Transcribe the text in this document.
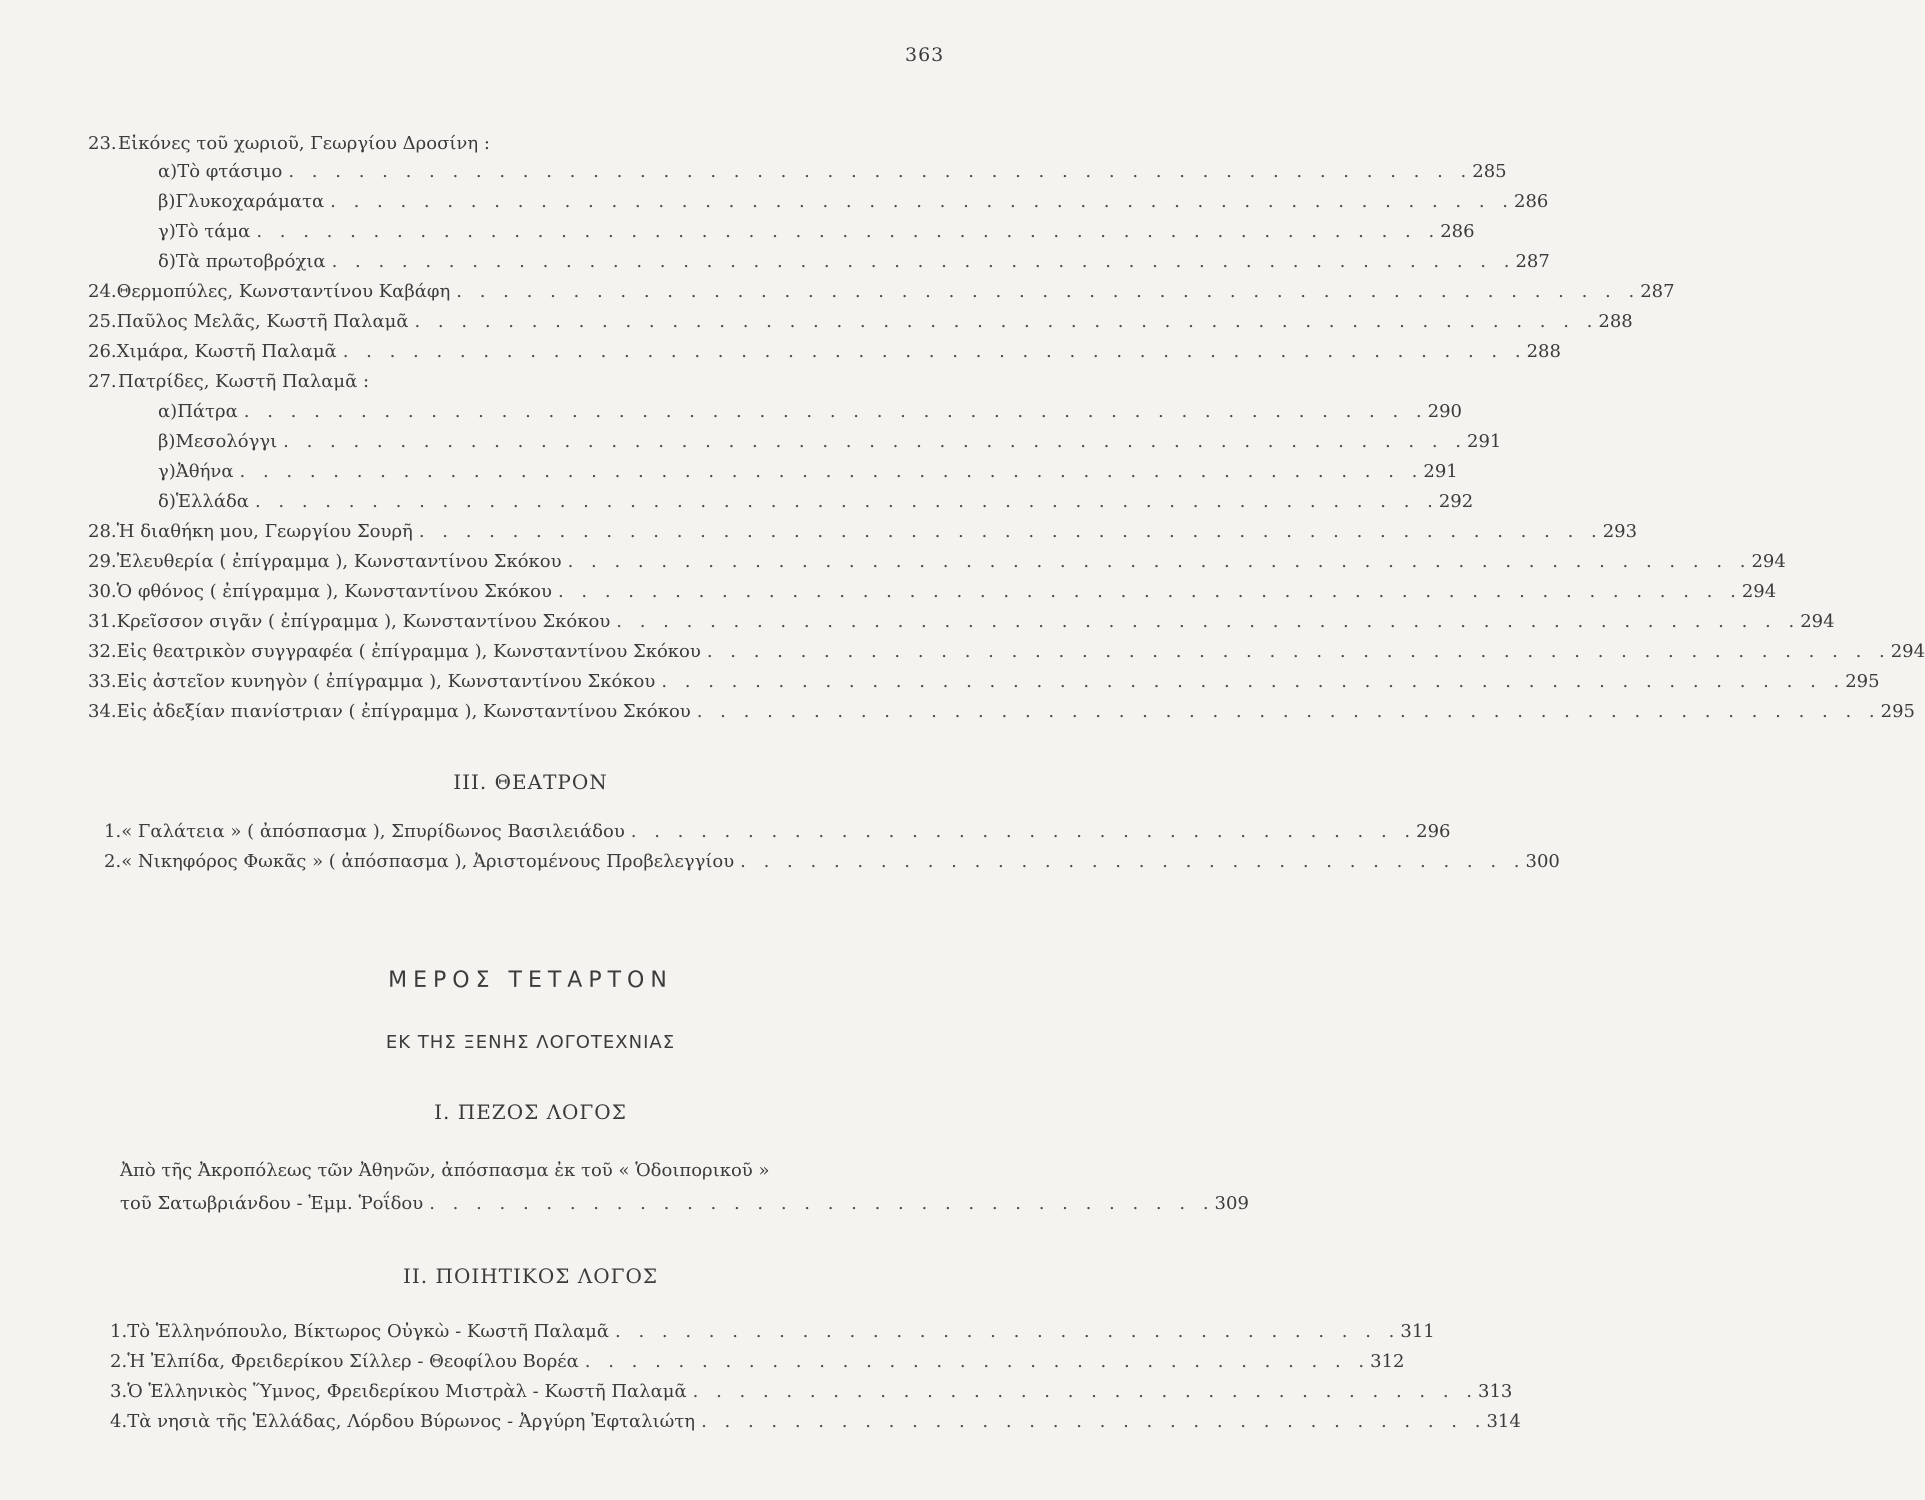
363
23. Εἰκόνες τοῦ χωριοῦ, Γεωργίου Δροσίνη :
α) Τὸ φτάσιμο . . . . . . . . . . . . . . . . . . . . . . . . . . . . . . . . . . . . . . . . . . . . . . . . . . . 285
β) Γλυκοχαράματα . . . . . . . . . . . . . . . . . . . . . . . . . . . . . . . . . . . . . . . . . . . . . . . . . . . 286
γ) Τὸ τάμα . . . . . . . . . . . . . . . . . . . . . . . . . . . . . . . . . . . . . . . . . . . . . . . . . . . 286
δ) Τὰ πρωτοβρόχια . . . . . . . . . . . . . . . . . . . . . . . . . . . . . . . . . . . . . . . . . . . . . . . . . . . 287
24. Θερμοπύλες, Κωνσταντίνου Καβάφη . . . . . . . . . . . . . . . . . . . . . . . . . . . . . . . . . . . . . . . . . . . . . . . . . . . 287
25. Παῦλος Μελᾶς, Κωστῆ Παλαμᾶ . . . . . . . . . . . . . . . . . . . . . . . . . . . . . . . . . . . . . . . . . . . . . . . . . . . 288
26. Χιμάρα, Κωστῆ Παλαμᾶ . . . . . . . . . . . . . . . . . . . . . . . . . . . . . . . . . . . . . . . . . . . . . . . . . . . 288
27. Πατρίδες, Κωστῆ Παλαμᾶ :
α) Πάτρα . . . . . . . . . . . . . . . . . . . . . . . . . . . . . . . . . . . . . . . . . . . . . . . . . . . 290
β) Μεσολόγγι . . . . . . . . . . . . . . . . . . . . . . . . . . . . . . . . . . . . . . . . . . . . . . . . . . . 291
γ) Ἀθήνα . . . . . . . . . . . . . . . . . . . . . . . . . . . . . . . . . . . . . . . . . . . . . . . . . . . 291
δ) Ἑλλάδα . . . . . . . . . . . . . . . . . . . . . . . . . . . . . . . . . . . . . . . . . . . . . . . . . . . 292
28. Ἡ διαθήκη μου, Γεωργίου Σουρῆ . . . . . . . . . . . . . . . . . . . . . . . . . . . . . . . . . . . . . . . . . . . . . . . . . . . 293
29. Ἐλευθερία ( ἐπίγραμμα ), Κωνσταντίνου Σκόκου . . . . . . . . . . . . . . . . . . . . . . . . . . . . . . . . . . . . . . . . . . . . . . . . . . . 294
30. Ὁ φθόνος ( ἐπίγραμμα ), Κωνσταντίνου Σκόκου . . . . . . . . . . . . . . . . . . . . . . . . . . . . . . . . . . . . . . . . . . . . . . . . . . . 294
31. Κρεῖσσον σιγᾶν ( ἐπίγραμμα ), Κωνσταντίνου Σκόκου . . . . . . . . . . . . . . . . . . . . . . . . . . . . . . . . . . . . . . . . . . . . . . . . . . . 294
32. Εἰς θεατρικὸν συγγραφέα ( ἐπίγραμμα ), Κωνσταντίνου Σκόκου . . . . . . . . . . . . . . . . . . . . . . . . . . . . . . . . . . . . . . . . . . . . . . . . . . . 294
33. Εἰς ἀστεῖον κυνηγὸν ( ἐπίγραμμα ), Κωνσταντίνου Σκόκου . . . . . . . . . . . . . . . . . . . . . . . . . . . . . . . . . . . . . . . . . . . . . . . . . . . 295
34. Εἰς ἀδεξίαν πιανίστριαν ( ἐπίγραμμα ), Κωνσταντίνου Σκόκου . . . . . . . . . . . . . . . . . . . . . . . . . . . . . . . . . . . . . . . . . . . . . . . . . . . 295
III. ΘΕΑΤΡΟΝ
1. « Γαλάτεια » ( ἀπόσπασμα ), Σπυρίδωνος Βασιλειάδου . . . . . . . . . . . . . . . . . . . . . . . . . . . . . . . . . . 296
2. « Νικηφόρος Φωκᾶς » ( ἀπόσπασμα ), Ἀριστομένους Προβελεγγίου . . . . . . . . . . . . . . . . . . . . . . . . . . . . . . . . . . 300
ΜΕΡΟΣ ΤΕΤΑΡΤΟΝ
ΕΚ ΤΗΣ ΞΕΝΗΣ ΛΟΓΟΤΕΧΝΙΑΣ
I. ΠΕΖΟΣ ΛΟΓΟΣ
Ἀπὸ τῆς Ἀκροπόλεως τῶν Ἀθηνῶν, ἀπόσπασμα ἐκ τοῦ « Ὁδοιπορικοῦ »
τοῦ Σατωβριάνδου - Ἐμμ. Ῥοΐδου . . . . . . . . . . . . . . . . . . . . . . . . . . . . . . . . . . 309
II. ΠΟΙΗΤΙΚΟΣ ΛΟΓΟΣ
1. Τὸ Ἑλληνόπουλο, Βίκτωρος Οὐγκὼ - Κωστῆ Παλαμᾶ . . . . . . . . . . . . . . . . . . . . . . . . . . . . . . . . . . 311
2. Ἡ Ἐλπίδα, Φρειδερίκου Σίλλερ - Θεοφίλου Βορέα . . . . . . . . . . . . . . . . . . . . . . . . . . . . . . . . . . 312
3. Ὁ Ἑλληνικὸς Ὕμνος, Φρειδερίκου Μιστρὰλ - Κωστῆ Παλαμᾶ . . . . . . . . . . . . . . . . . . . . . . . . . . . . . . . . . . 313
4. Τὰ νησιὰ τῆς Ἑλλάδας, Λόρδου Βύρωνος - Ἀργύρη Ἐφταλιώτη . . . . . . . . . . . . . . . . . . . . . . . . . . . . . . . . . . 314
